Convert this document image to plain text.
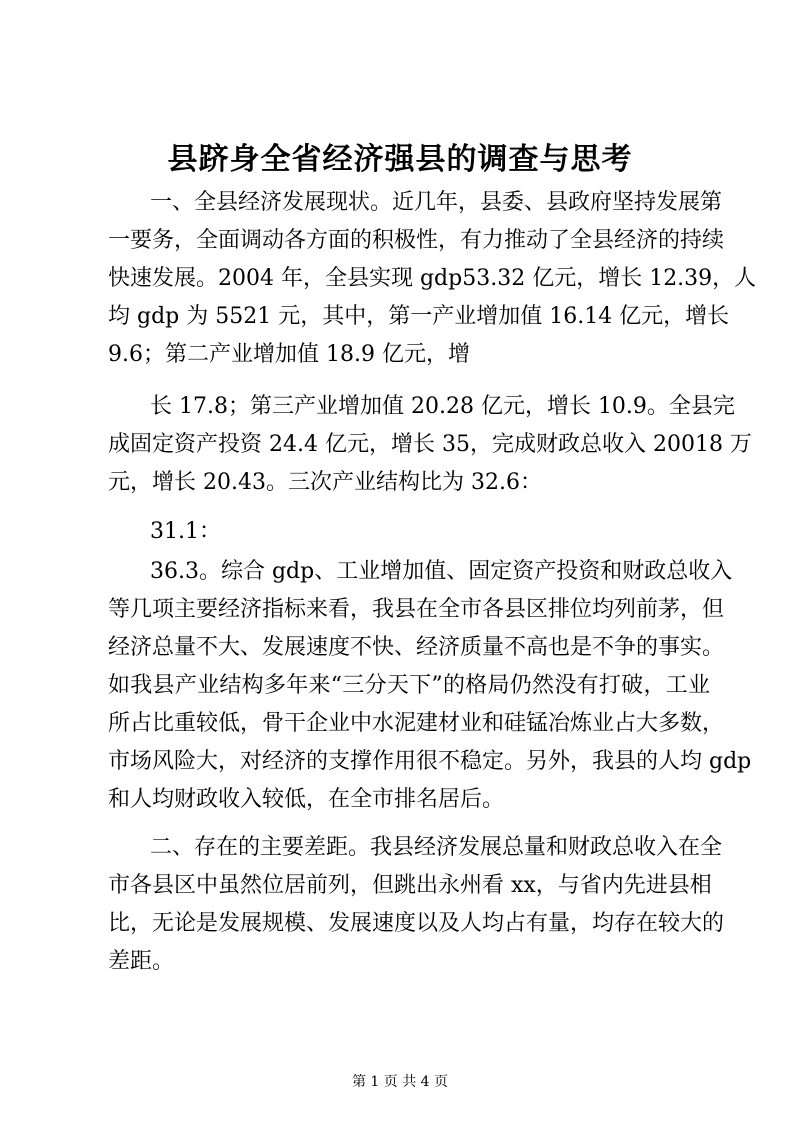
县跻身全省经济强县的调查与思考
一、全县经济发展现状。近几年，县委、县政府坚持发展第
一要务，全面调动各方面的积极性，有力推动了全县经济的持续
快速发展。2004 年，全县实现 gdp53.32 亿元，增长 12.39，人
均 gdp 为 5521 元，其中，第一产业增加值 16.14 亿元，增长
9.6；第二产业增加值 18.9 亿元，增
长 17.8；第三产业增加值 20.28 亿元，增长 10.9。全县完
成固定资产投资 24.4 亿元，增长 35，完成财政总收入 20018 万
元，增长 20.43。三次产业结构比为 32.6：
31.1：
36.3。综合 gdp、工业增加值、固定资产投资和财政总收入
等几项主要经济指标来看，我县在全市各县区排位均列前茅，但
经济总量不大、发展速度不快、经济质量不高也是不争的事实。
如我县产业结构多年来“三分天下”的格局仍然没有打破，工业
所占比重较低，骨干企业中水泥建材业和硅锰冶炼业占大多数，
市场风险大，对经济的支撑作用很不稳定。另外，我县的人均 gdp
和人均财政收入较低，在全市排名居后。
二、存在的主要差距。我县经济发展总量和财政总收入在全
市各县区中虽然位居前列，但跳出永州看 xx，与省内先进县相
比，无论是发展规模、发展速度以及人均占有量，均存在较大的
差距。
第 1 页 共 4 页
